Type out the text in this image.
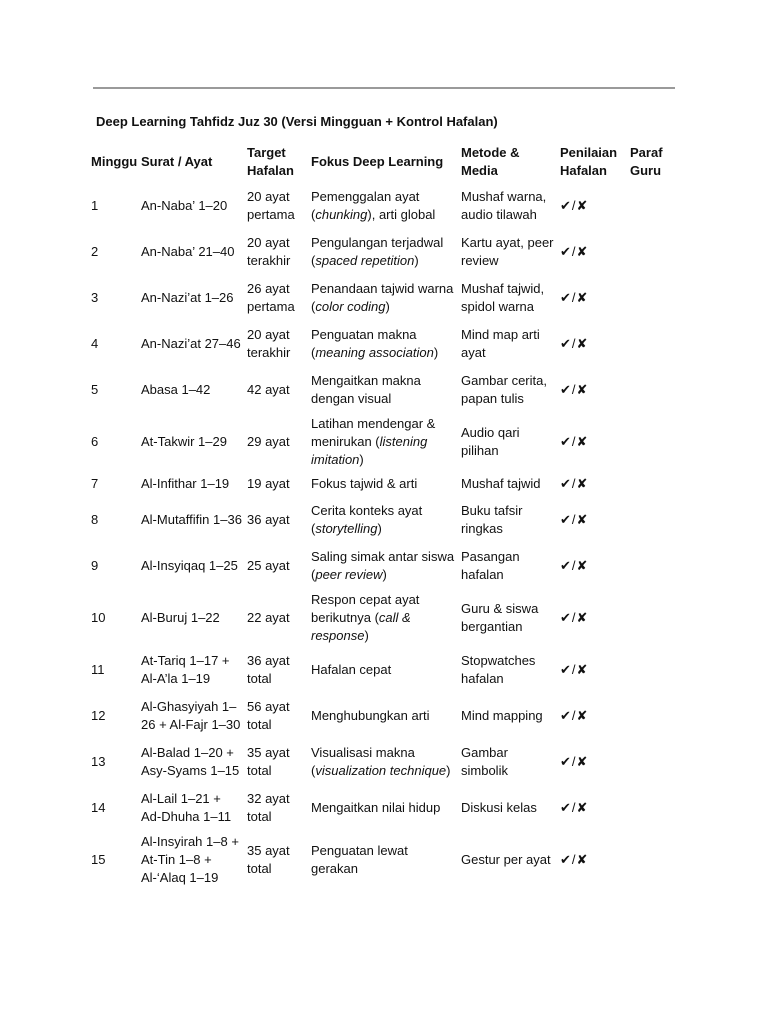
Deep Learning Tahfidz Juz 30 (Versi Mingguan + Kontrol Hafalan)
Minggu	Surat / Ayat	Target Hafalan	Fokus Deep Learning	Metode & Media	Penilaian Hafalan	Paraf Guru
1	An-Naba’ 1–20	20 ayat pertama	Pemenggalan ayat (chunking), arti global	Mushaf warna, audio tilawah	✔/✘	
2	An-Naba’ 21–40	20 ayat terakhir	Pengulangan terjadwal (spaced repetition)	Kartu ayat, peer review	✔/✘	
3	An-Nazi’at 1–26	26 ayat pertama	Penandaan tajwid warna (color coding)	Mushaf tajwid, spidol warna	✔/✘	
4	An-Nazi’at 27–46	20 ayat terakhir	Penguatan makna (meaning association)	Mind map arti ayat	✔/✘	
5	Abasa 1–42	42 ayat	Mengaitkan makna dengan visual	Gambar cerita, papan tulis	✔/✘	
6	At-Takwir 1–29	29 ayat	Latihan mendengar & menirukan (listening imitation)	Audio qari pilihan	✔/✘	
7	Al-Infithar 1–19	19 ayat	Fokus tajwid & arti	Mushaf tajwid	✔/✘	
8	Al-Mutaffifin 1–36	36 ayat	Cerita konteks ayat (storytelling)	Buku tafsir ringkas	✔/✘	
9	Al-Insyiqaq 1–25	25 ayat	Saling simak antar siswa (peer review)	Pasangan hafalan	✔/✘	
10	Al-Buruj 1–22	22 ayat	Respon cepat ayat berikutnya (call & response)	Guru & siswa bergantian	✔/✘	
11	At-Tariq 1–17 + Al-A’la 1–19	36 ayat total	Hafalan cepat	Stopwatches hafalan	✔/✘	
12	Al-Ghasyiyah 1–26 + Al-Fajr 1–30	56 ayat total	Menghubungkan arti	Mind mapping	✔/✘	
13	Al-Balad 1–20 + Asy-Syams 1–15	35 ayat total	Visualisasi makna (visualization technique)	Gambar simbolik	✔/✘	
14	Al-Lail 1–21 + Ad-Dhuha 1–11	32 ayat total	Mengaitkan nilai hidup	Diskusi kelas	✔/✘	
15	Al-Insyirah 1–8 + At-Tin 1–8 + Al-‘Alaq 1–19	35 ayat total	Penguatan lewat gerakan	Gestur per ayat	✔/✘	
